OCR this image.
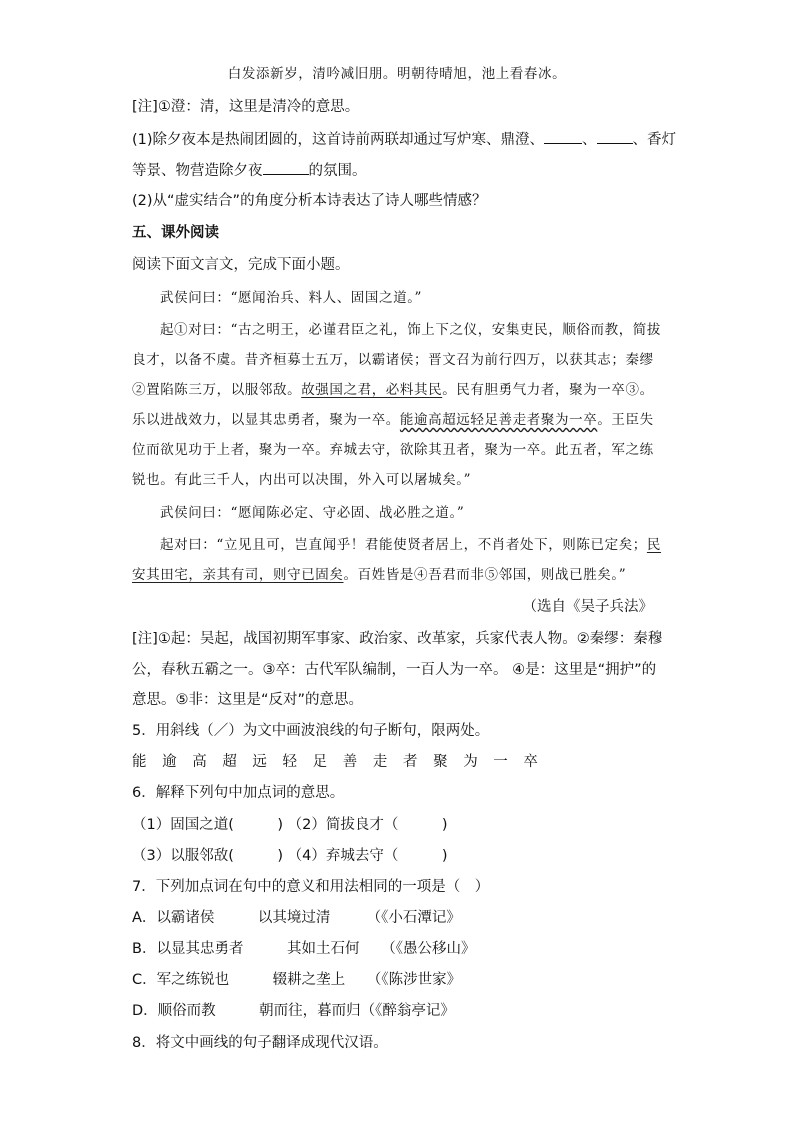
白发添新岁，清吟减旧朋。明朝待晴旭，池上看春冰。
[注]①澄：清，这里是清冷的意思。
(1)除夕夜本是热闹团圆的，这首诗前两联却通过写炉寒、鼎澄、	、 、香灯
等景、物营造除夕夜	的氛围。
(2)从“虚实结合”的角度分析本诗表达了诗人哪些情感？
五、课外阅读
阅读下面文言文，完成下面小题。
武侯问曰：“愿闻治兵、料人、固国之道。”
起①对曰：“古之明王，必谨君臣之礼，饰上下之仪，安集吏民，顺俗而教，简拔
良才，以备不虞。昔齐桓募士五万，以霸诸侯；晋文召为前行四万，以获其志；秦缪
②置陷陈三万，以服邻敌。故强国之君，必料其民。民有胆勇气力者，聚为一卒③。
乐以进战效力，以显其忠勇者，聚为一卒。能逾高超远轻足善走者聚为一卒。王臣失
位而欲见功于上者，聚为一卒。弃城去守，欲除其丑者，聚为一卒。此五者，军之练
锐也。有此三千人，内出可以决围，外入可以屠城矣。”
武侯问曰：“愿闻陈必定、守必固、战必胜之道。”
起对曰：“立见且可，岂直闻乎！君能使贤者居上，不肖者处下，则陈已定矣；民
安其田宅，亲其有司，则守已固矣。百姓皆是④吾君而非⑤邻国，则战已胜矣。”
（选自《吴子兵法》
[注]①起：吴起，战国初期军事家、政治家、改革家，兵家代表人物。②秦缪：秦穆
公，春秋五霸之一。③卒：古代军队编制，一百人为一卒。 ④是：这里是“拥护”的
意思。⑤非：这里是“反对”的意思。
5．用斜线（／）为文中画波浪线的句子断句，限两处。
能 逾 高 超 远 轻 足 善 走 者 聚 为 一 卒
6．解释下列句中加点词的意思。
（1）固国之道(　　　) （2）简拔良才（　　　)
（3）以服邻敌(　　　) （4）弃城去守（　　　)
7．下列加点词在句中的意义和用法相同的一项是（　）
A．以霸诸侯　　　以其境过清　　　（《小石潭记》
B．以显其忠勇者　　　其如土石何　　（《愚公移山》
C．军之练锐也　　　辍耕之垄上　　（《陈涉世家》
D．顺俗而教　　　朝而往，暮而归（《醉翁亭记》
8．将文中画线的句子翻译成现代汉语。
